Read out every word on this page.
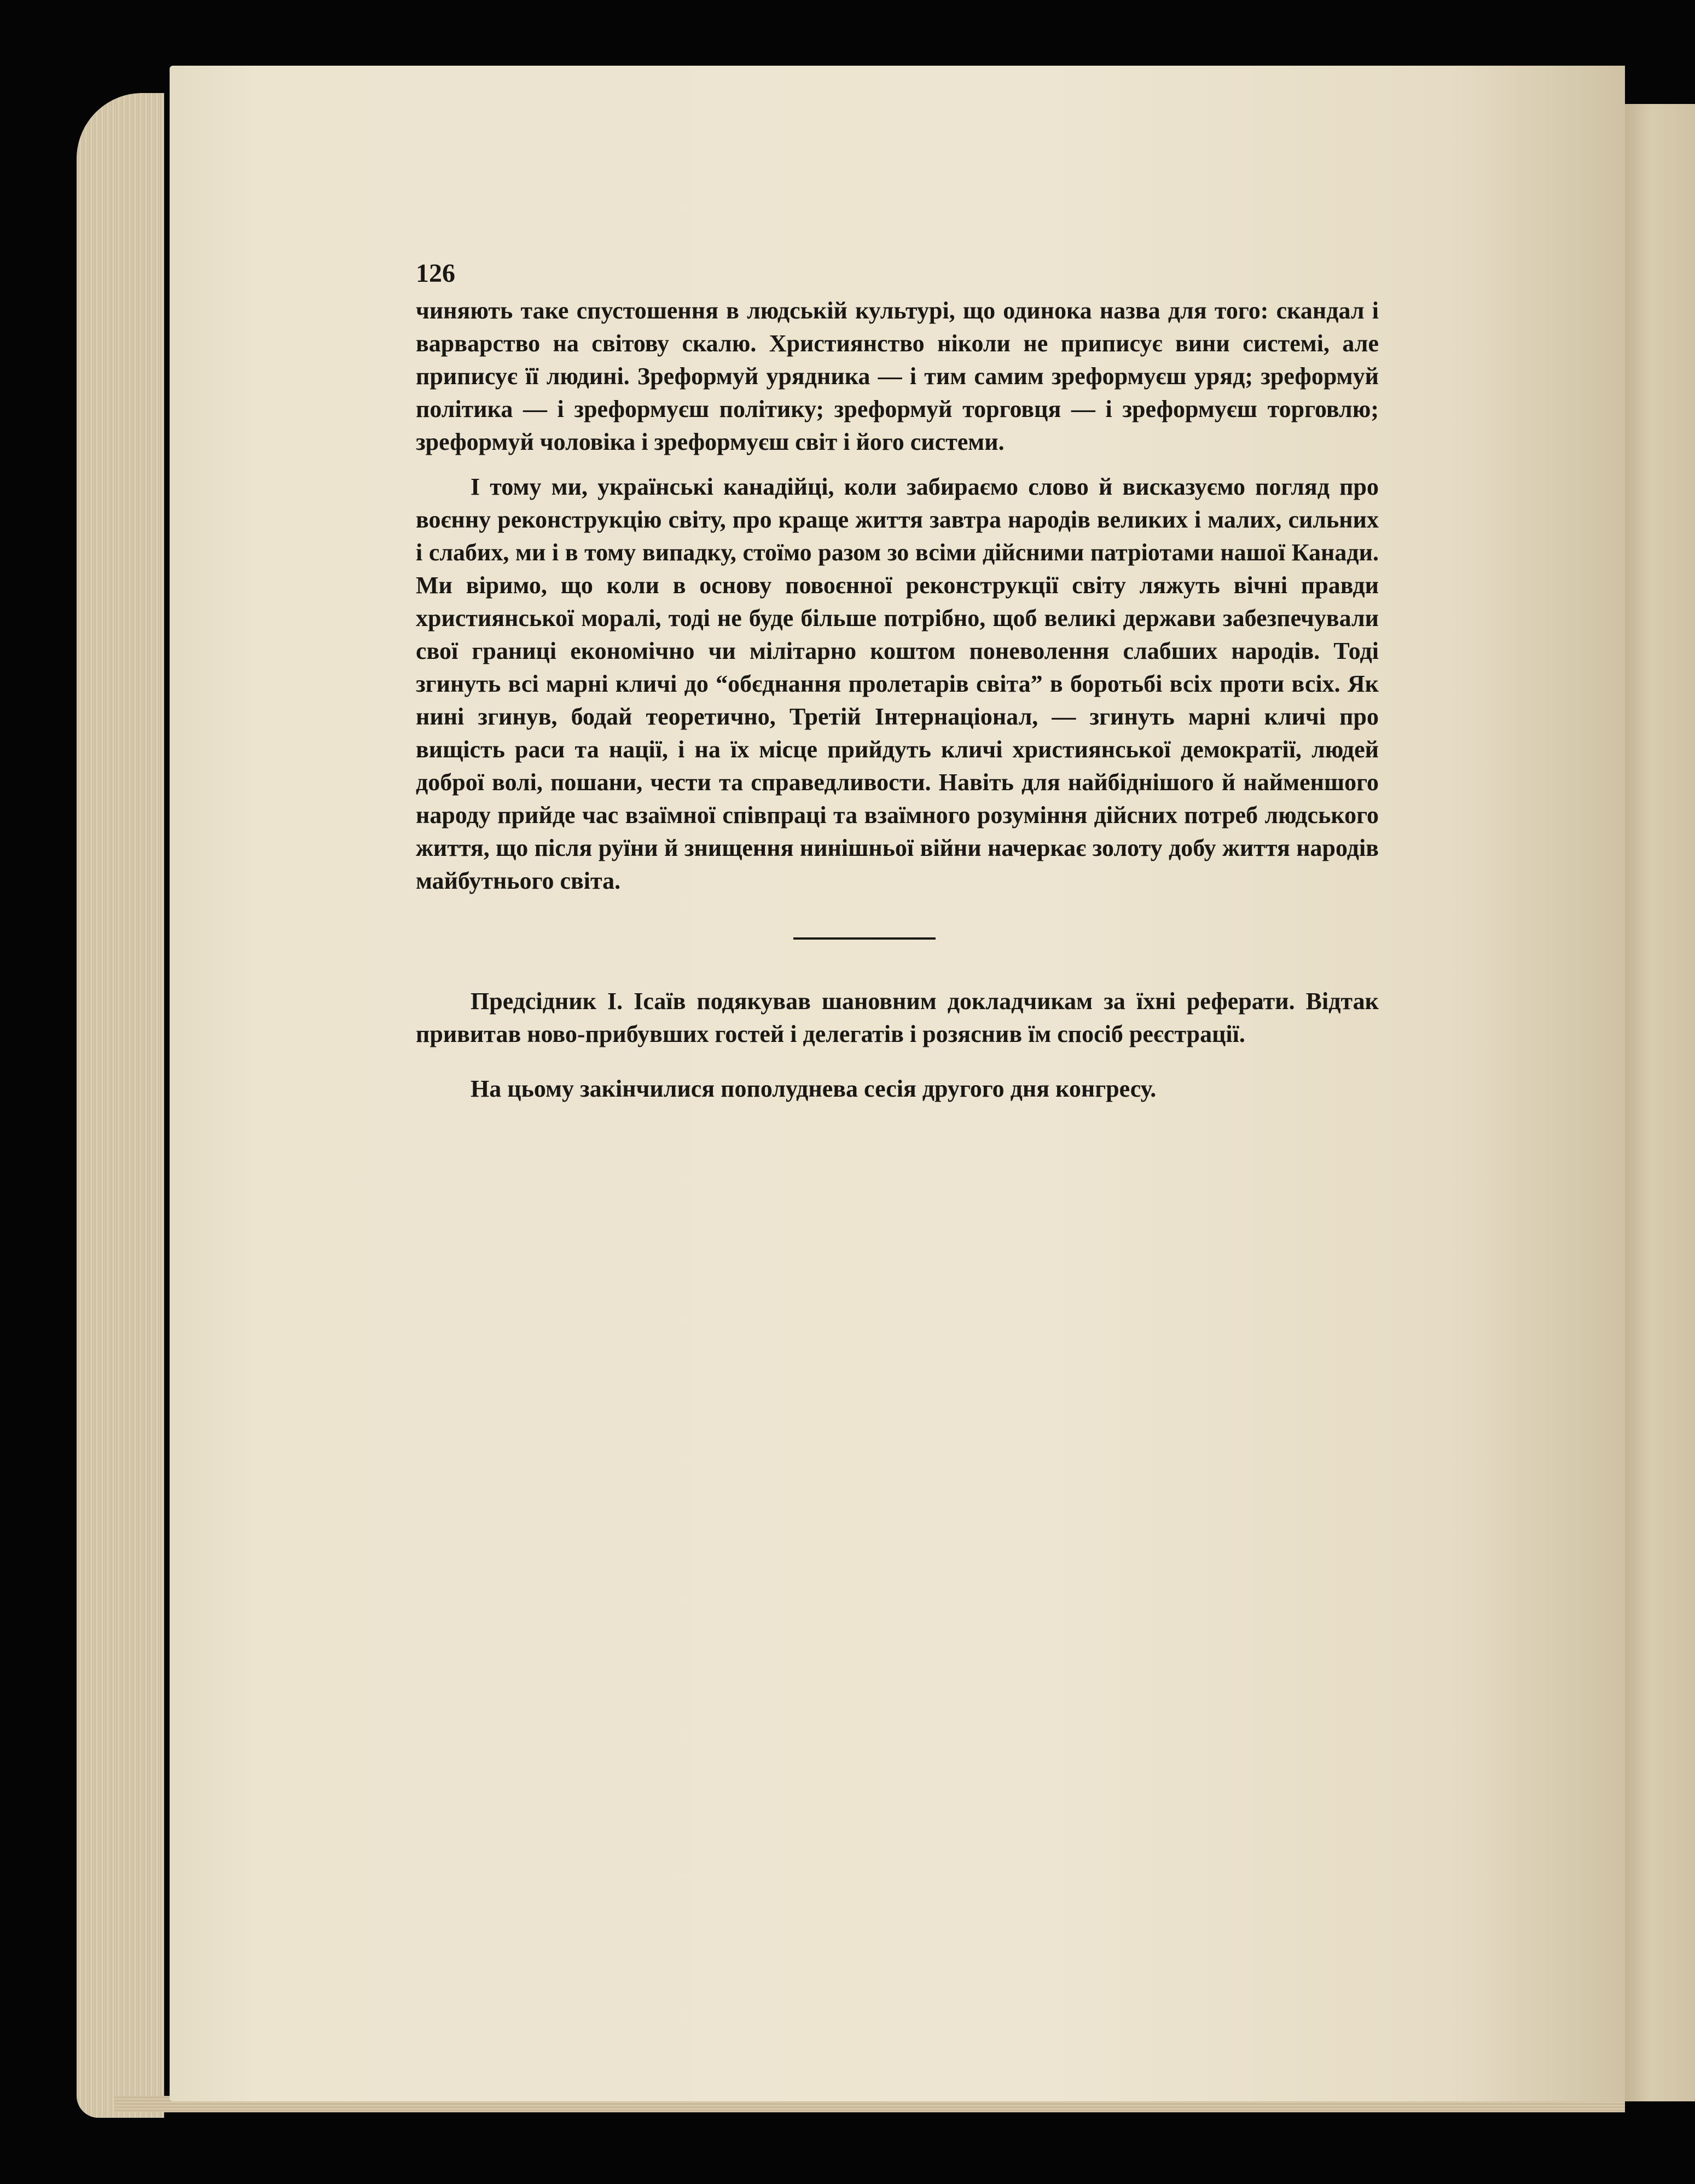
126

чиняють таке спустошення в людській культурі, що одинока назва для того: скандал і варварство на світову скалю. Християнство ніколи не приписує вини системі, але приписує її людині. Зреформуй урядника — і тим самим зреформуєш уряд; зреформуй політика — і зреформуєш політику; зреформуй торговця — і зреформуєш торговлю; зреформуй чоловіка і зреформуєш світ і його системи.

І тому ми, українські канадійці, коли забираємо слово й висказуємо погляд про воєнну реконструкцію світу, про краще життя завтра народів великих і малих, сильних і слабих, ми і в тому випадку, стоїмо разом зо всіми дійсними патріотами нашої Канади. Ми віримо, що коли в основу повоєнної реконструкції світу ляжуть вічні правди християнської моралі, тоді не буде більше потрібно, щоб великі держави забезпечували свої границі економічно чи мілітарно коштом поневолення слабших народів. Тоді згинуть всі марні кличі до “обєднання пролетарів світа” в боротьбі всіх проти всіх. Як нині згинув, бодай теоретично, Третій Інтернаціонал, — згинуть марні кличі про вищість раси та нації, і на їх місце прийдуть кличі християнської демократії, людей доброї волі, пошани, чести та справедливости. Навіть для найбіднішого й найменшого народу прийде час взаїмної співпраці та взаїмного розуміння дійсних потреб людського життя, що після руїни й знищення нинішньої війни начеркає золоту добу життя народів майбутнього світа.

Предсідник І. Ісаїв подякував шановним докладчикам за їхні реферати. Відтак привитав ново-прибувших гостей і делегатів і розяснив їм спосіб реєстрації.

На цьому закінчилися пополуднева сесія другого дня конгресу.
